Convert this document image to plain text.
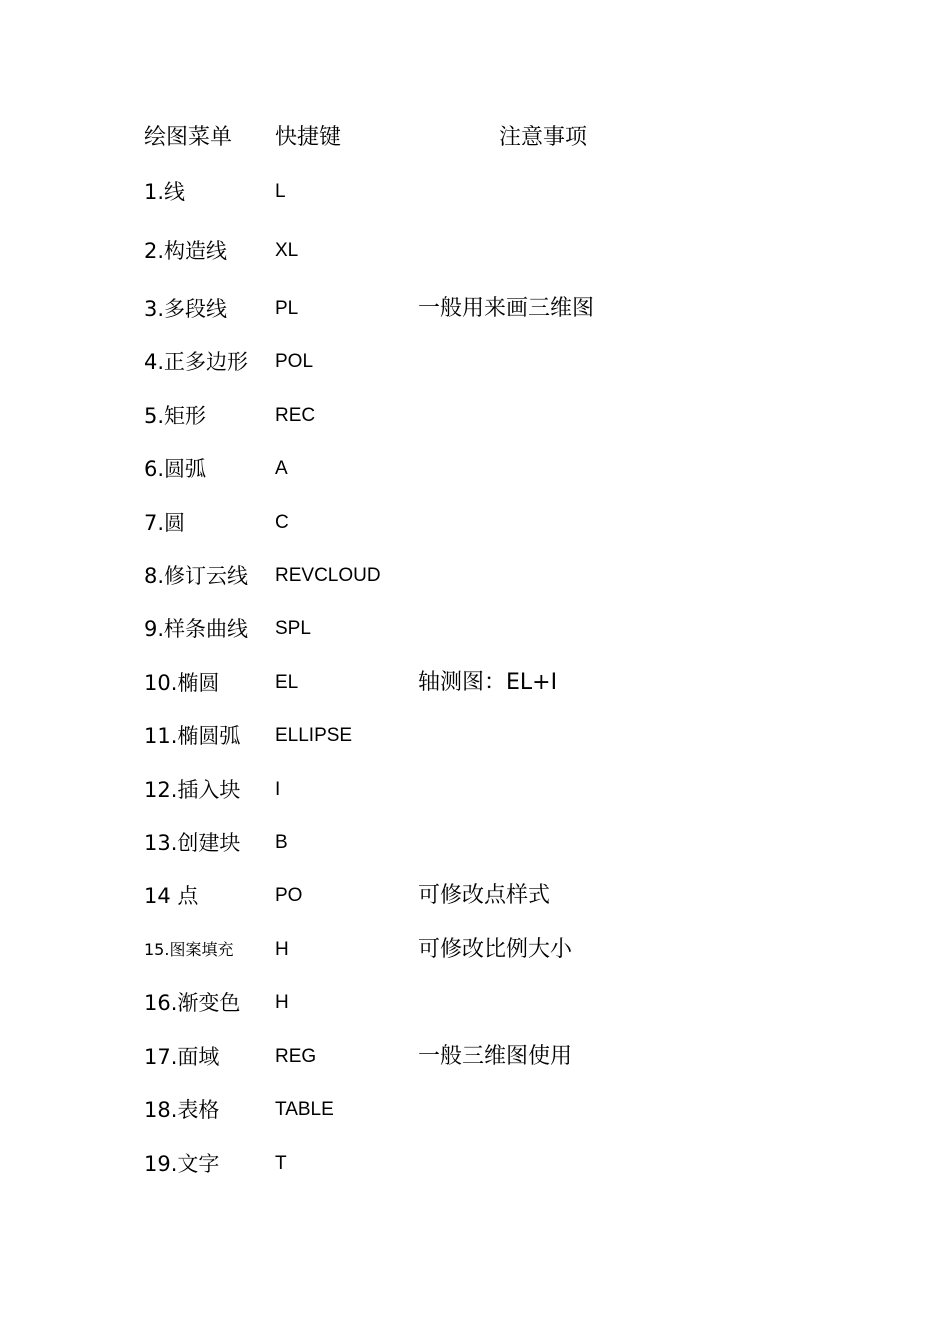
绘图菜单 快捷键	注意事项
1.线	L
2.构造线	XL
3.多段线	PL	一般用来画三维图
4.正多边形 POL
5.矩形	REC
6.圆弧	A
7.圆	C
8.修订云线 REVCLOUD
9.样条曲线 SPL
10.椭圆	EL	轴测图：EL+I
11.椭圆弧 ELLIPSE
12.插入块 I
13.创建块 B
14 点	PO	可修改点样式
15.图案填充 H	可修改比例大小
16.渐变色 H
17.面域	REG	一般三维图使用
18.表格	TABLE
19.文字	T
